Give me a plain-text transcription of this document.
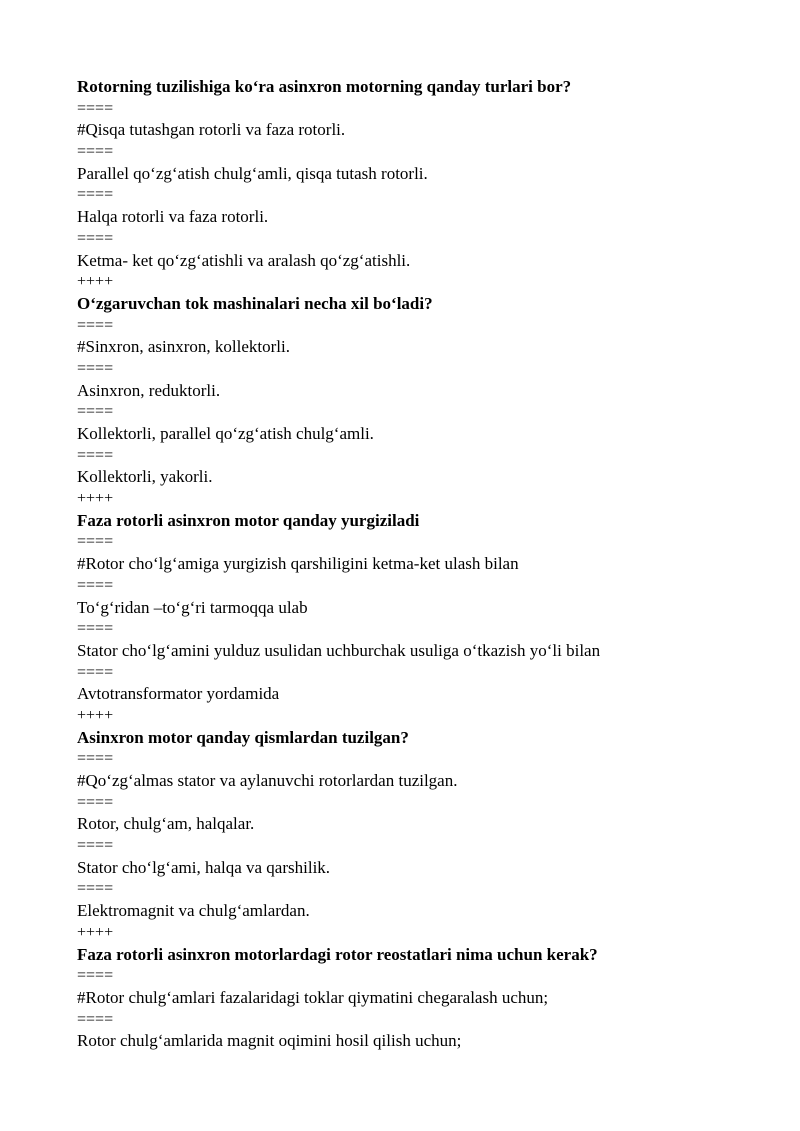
Rotorning tuzilishiga ko‘ra asinxron motorning qanday turlari bor?

====

#Qisqa tutashgan rotorli va faza rotorli.

====

Parallel qo‘zg‘atish chulg‘amli, qisqa tutash rotorli.

====

Halqa rotorli va faza rotorli.

====

Ketma- ket qo‘zg‘atishli va aralash qo‘zg‘atishli.

++++

O‘zgaruvchan tok mashinalari necha xil bo‘ladi?

====

#Sinxron, asinxron, kollektorli.

====

Asinxron, reduktorli.

====

Kollektorli, parallel qo‘zg‘atish chulg‘amli.

====

Kollektorli, yakorli.

++++

Faza rotorli asinxron motor qanday yurgiziladi

====

#Rotor cho‘lg‘amiga yurgizish qarshiligini ketma-ket ulash bilan

====

To‘g‘ridan –to‘g‘ri tarmoqqa ulab

====

Stator cho‘lg‘amini yulduz usulidan uchburchak usuliga o‘tkazish yo‘li bilan

====

Avtotransformator yordamida

++++

Asinxron motor qanday qismlardan tuzilgan?

====

#Qo‘zg‘almas stator va aylanuvchi rotorlardan tuzilgan.

====

Rotor, chulg‘am, halqalar.

====

Stator cho‘lg‘ami, halqa va qarshilik.

====

Elektromagnit va chulg‘amlardan.

++++

Faza rotorli asinxron motorlardagi rotor reostatlari nima uchun kerak?

====

#Rotor chulg‘amlari fazalaridagi toklar qiymatini chegaralash uchun;

====

Rotor chulg‘amlarida magnit oqimini hosil qilish uchun;
